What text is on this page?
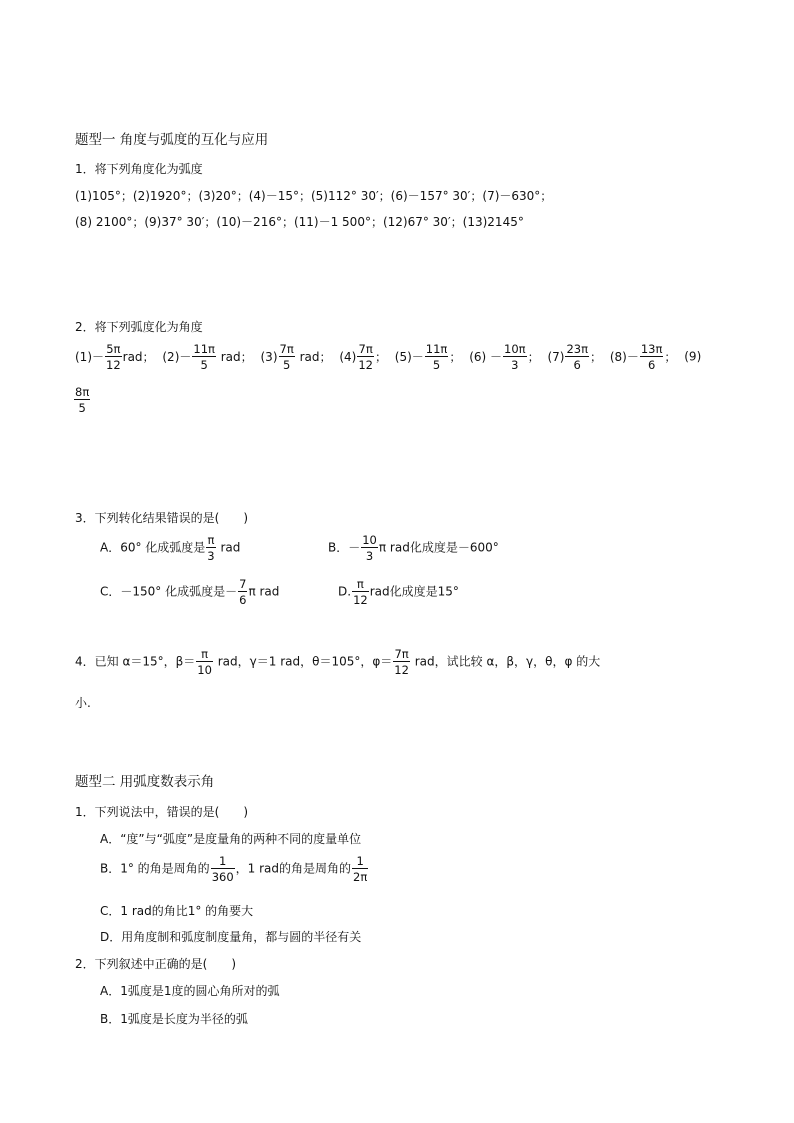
题型一 角度与弧度的互化与应用
1．将下列角度化为弧度
(1)105°；(2)1920°；(3)20°；(4)－15°；(5)112° 30′；(6)－157° 30′；(7)－630°；
(8) 2100°；(9)37° 30′；(10)－216°；(11)－1 500°；(12)67° 30′；(13)2145°
2．将下列弧度化为角度
$(1)- \frac{5\pi}{12}$ rad； $(2)- \frac{11\pi}{5}$ rad； $(3) \frac{7\pi}{5}$ rad； $(4) \frac{7\pi}{12}$ ； $(5)- \frac{11\pi}{5}$ ； $(6) - \frac{10\pi}{3}$ ； $(7) \frac{23\pi}{6}$ ； $(8)- \frac{13\pi}{6}$ ； (9)
$\frac{8\pi}{5}$
3．下列转化结果错误的是(　　)
A．60° 化成弧度是 $\frac{\pi}{3}$ rad	B．－ $\frac{10}{3}$ π rad化成度是－600°
C．－150° 化成弧度是－ $\frac{7}{6}$ π rad	D. $\frac{\pi}{12}$ rad化成度是15°
4．已知 α＝15°，$\beta= \frac{\pi}{10}$ rad，γ＝1 rad，θ＝105°，$\varphi= \frac{7\pi}{12}$ rad，试比较 α，β，γ，θ，φ 的大
小.
题型二 用弧度数表示角
1．下列说法中，错误的是(　　)
A．“度”与“弧度”是度量角的两种不同的度量单位
B．1° 的角是周角的 $\frac{1}{360}$ ，1 rad的角是周角的 $\frac{1}{2\pi}$
C．1 rad的角比1° 的角要大
D．用角度制和弧度制度量角，都与圆的半径有关
2．下列叙述中正确的是(　　)
A．1弧度是1度的圆心角所对的弧
B．1弧度是长度为半径的弧
